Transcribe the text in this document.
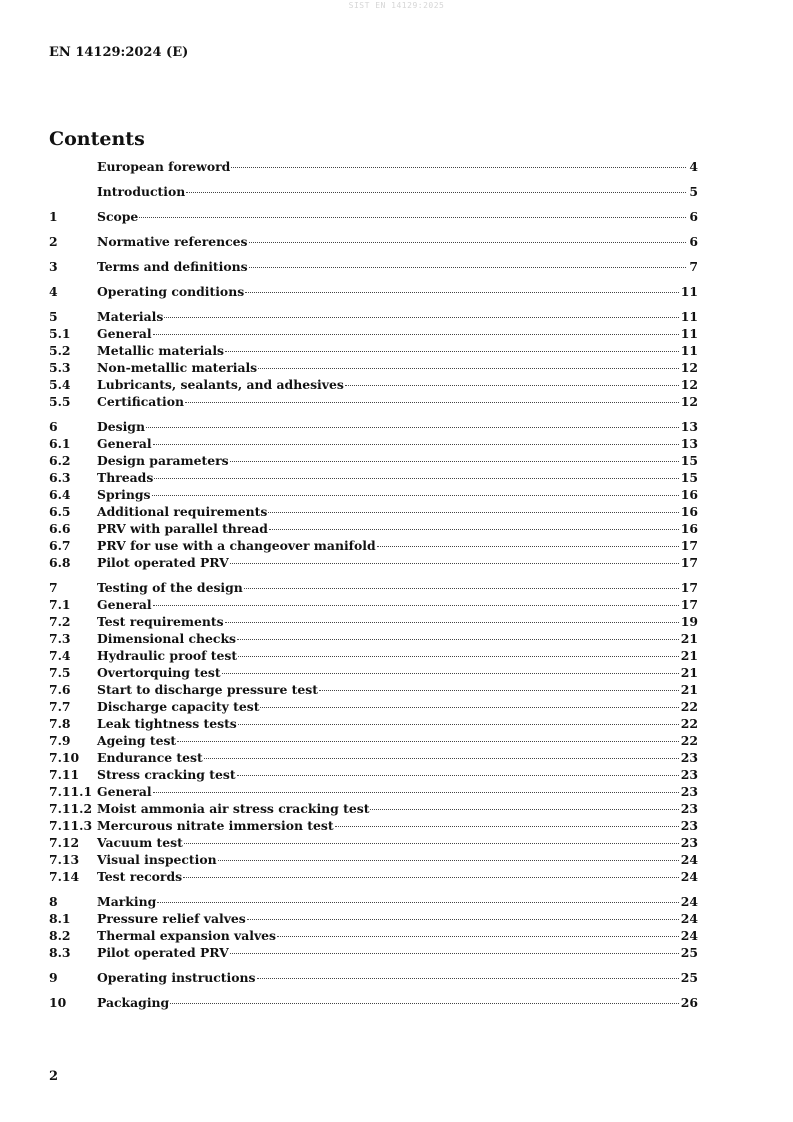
SIST EN 14129:2025
EN 14129:2024 (E)
Contents
European foreword	4
Introduction	5
1	Scope	6
2	Normative references	6
3	Terms and definitions	7
4	Operating conditions	11
5	Materials	11
5.1	General	11
5.2	Metallic materials	11
5.3	Non-metallic materials	12
5.4	Lubricants, sealants, and adhesives	12
5.5	Certification	12
6	Design	13
6.1	General	13
6.2	Design parameters	15
6.3	Threads	15
6.4	Springs	16
6.5	Additional requirements	16
6.6	PRV with parallel thread	16
6.7	PRV for use with a changeover manifold	17
6.8	Pilot operated PRV	17
7	Testing of the design	17
7.1	General	17
7.2	Test requirements	19
7.3	Dimensional checks	21
7.4	Hydraulic proof test	21
7.5	Overtorquing test	21
7.6	Start to discharge pressure test	21
7.7	Discharge capacity test	22
7.8	Leak tightness tests	22
7.9	Ageing test	22
7.10	Endurance test	23
7.11	Stress cracking test	23
7.11.1 General	23
7.11.2 Moist ammonia air stress cracking test	23
7.11.3 Mercurous nitrate immersion test	23
7.12	Vacuum test	23
7.13	Visual inspection	24
7.14	Test records	24
8	Marking	24
8.1	Pressure relief valves	24
8.2	Thermal expansion valves	24
8.3	Pilot operated PRV	25
9	Operating instructions	25
10	Packaging	26
2
